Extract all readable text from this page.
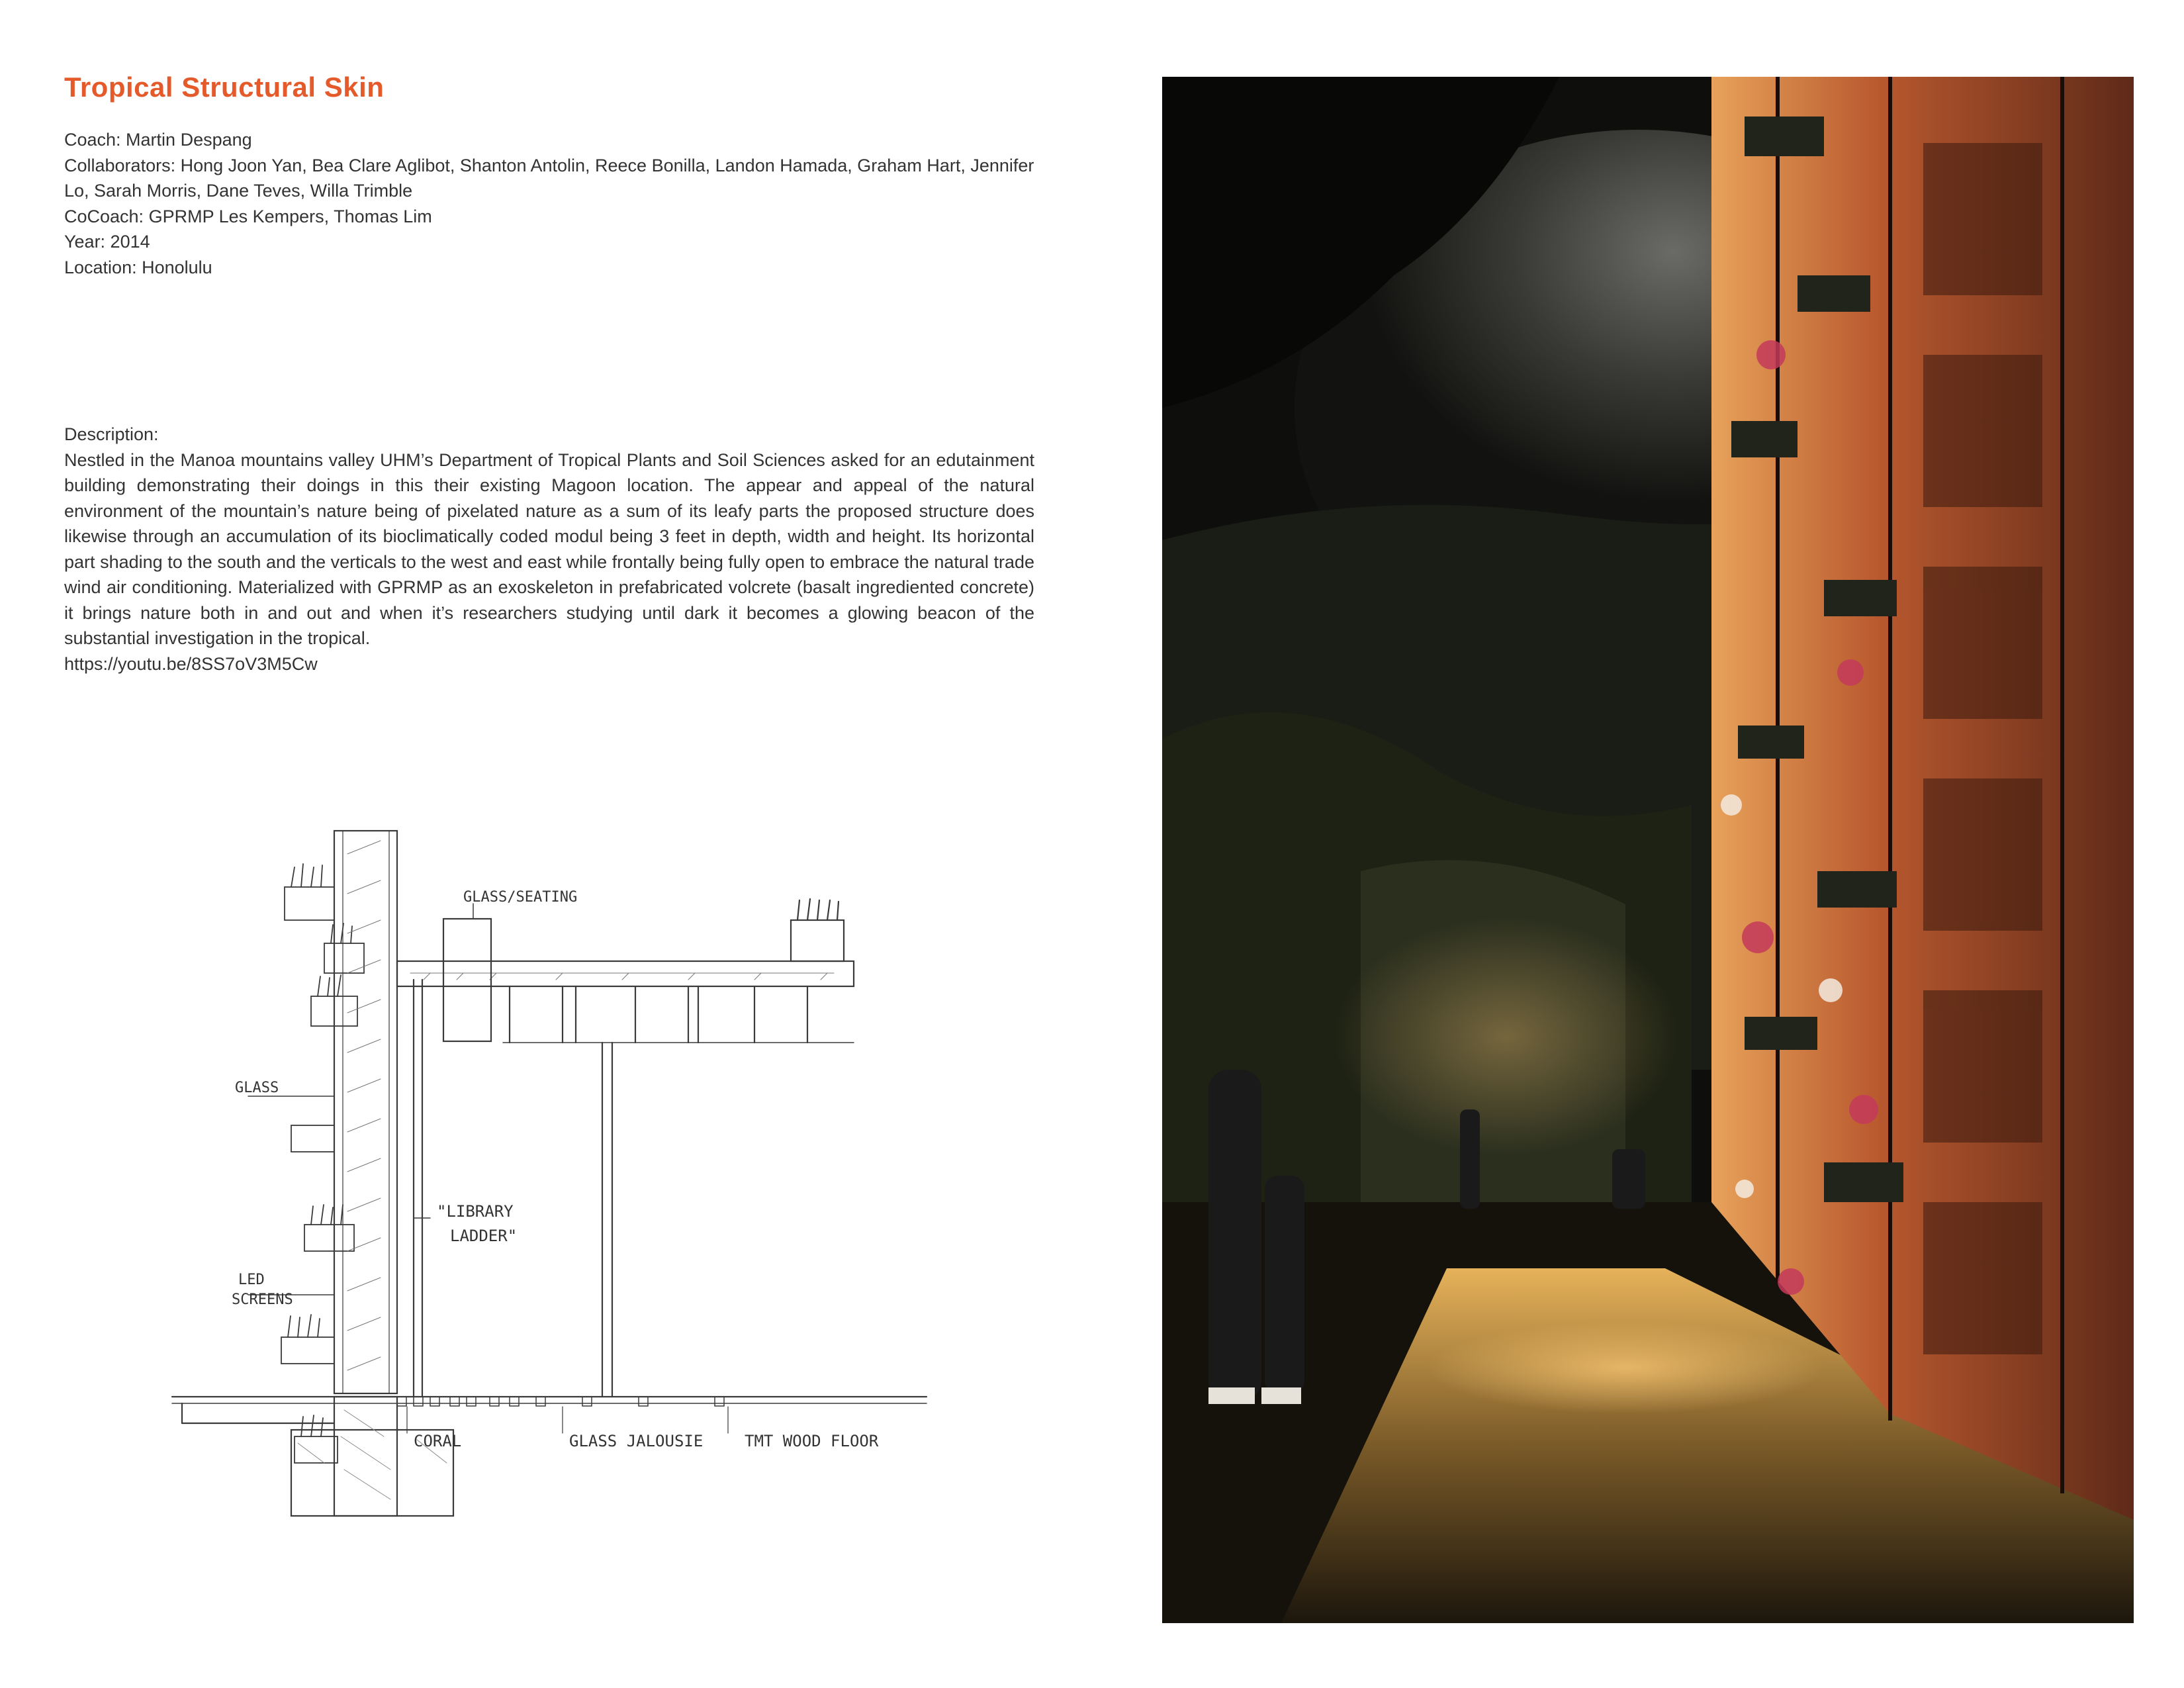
Tropical Structural Skin
Coach: Martin Despang
Collaborators: Hong Joon Yan, Bea Clare Aglibot, Shanton Antolin, Reece Bonilla, Landon Hamada, Graham Hart, Jennifer Lo, Sarah Morris, Dane Teves, Willa Trimble
CoCoach: GPRMP Les Kempers, Thomas Lim
Year: 2014
Location: Honolulu
Description:
Nestled in the Manoa mountains valley UHM’s Department of Tropical Plants and Soil Sciences asked for an edutainment building demonstrating their doings in this their existing Magoon location. The appear and appeal of the natural environment of the mountain’s nature being of pixelated nature as a sum of its leafy parts the proposed structure does likewise through an accumulation of its bioclimatically coded modul being 3 feet in depth, width and height. Its horizontal part shading to the south and the verticals to the west and east while frontally being fully open to embrace the natural trade wind air conditioning. Materialized with GPRMP as an exoskeleton in prefabricated volcrete (basalt ingrediented concrete) it brings nature both in and out and when it’s researchers studying until dark it becomes a glowing beacon of the substantial investigation in the tropical.
https://youtu.be/8SS7oV3M5Cw
GLASS/SEATING
GLASS
"LIBRARY
LADDER"
LED
SCREENS
CORAL	GLASS JALOUSIE	TMT WOOD FLOOR
